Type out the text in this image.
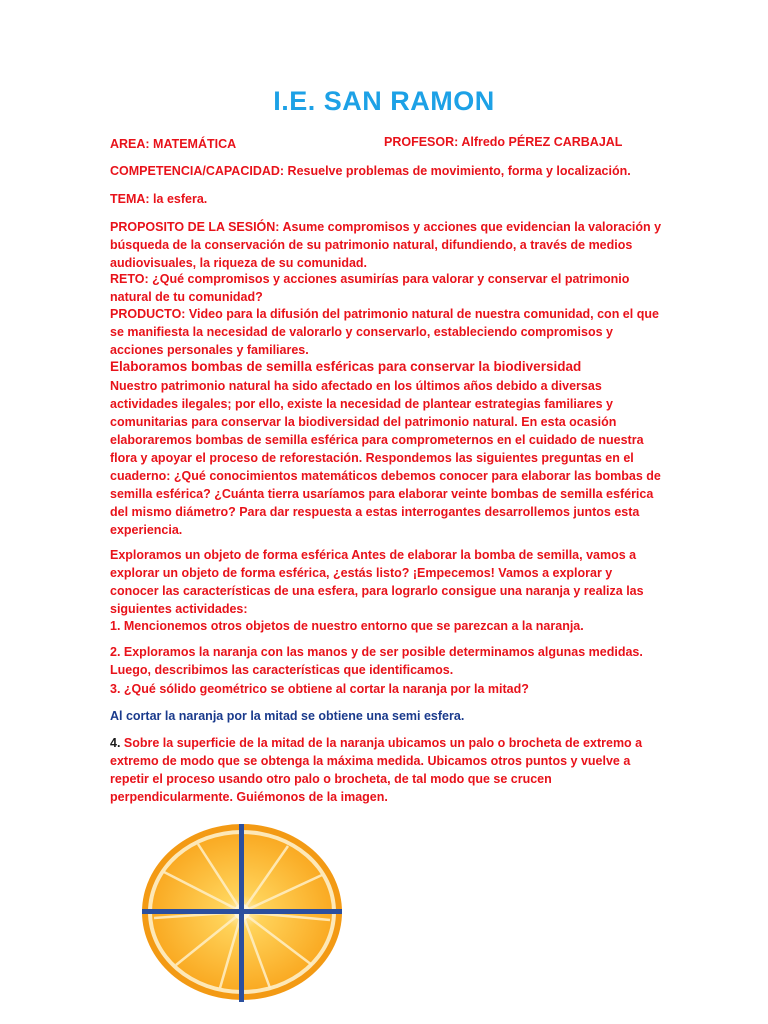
I.E. SAN RAMON

AREA: MATEMÁTICA	PROFESOR: Alfredo PÉREZ CARBAJAL

COMPETENCIA/CAPACIDAD: Resuelve problemas de movimiento, forma y localización.

TEMA: la esfera.

PROPOSITO DE LA SESIÓN: Asume compromisos y acciones que evidencian la valoración y búsqueda de la conservación de su patrimonio natural, difundiendo, a través de medios audiovisuales, la riqueza de su comunidad.

RETO: ¿Qué compromisos y acciones asumirías para valorar y conservar el patrimonio natural de tu comunidad?

PRODUCTO: Video para la difusión del patrimonio natural de nuestra comunidad, con el que se manifiesta la necesidad de valorarlo y conservarlo, estableciendo compromisos y acciones personales y familiares.

Elaboramos bombas de semilla esféricas para conservar la biodiversidad

Nuestro patrimonio natural ha sido afectado en los últimos años debido a diversas actividades ilegales; por ello, existe la necesidad de plantear estrategias familiares y comunitarias para conservar la biodiversidad del patrimonio natural. En esta ocasión elaboraremos bombas de semilla esférica para comprometernos en el cuidado de nuestra flora y apoyar el proceso de reforestación. Respondemos las siguientes preguntas en el cuaderno: ¿Qué conocimientos matemáticos debemos conocer para elaborar las bombas de semilla esférica? ¿Cuánta tierra usaríamos para elaborar veinte bombas de semilla esférica del mismo diámetro? Para dar respuesta a estas interrogantes desarrollemos juntos esta experiencia.

Exploramos un objeto de forma esférica Antes de elaborar la bomba de semilla, vamos a explorar un objeto de forma esférica, ¿estás listo? ¡Empecemos! Vamos a explorar y conocer las características de una esfera, para lograrlo consigue una naranja y realiza las siguientes actividades:

1. Mencionemos otros objetos de nuestro entorno que se parezcan a la naranja.

2. Exploramos la naranja con las manos y de ser posible determinamos algunas medidas. Luego, describimos las características que identificamos.

3. ¿Qué sólido geométrico se obtiene al cortar la naranja por la mitad?

Al cortar la naranja por la mitad se obtiene una semi esfera.

4. Sobre la superficie de la mitad de la naranja ubicamos un palo o brocheta de extremo a extremo de modo que se obtenga la máxima medida. Ubicamos otros puntos y vuelve a repetir el proceso usando otro palo o brocheta, de tal modo que se crucen perpendicularmente. Guiémonos de la imagen.
